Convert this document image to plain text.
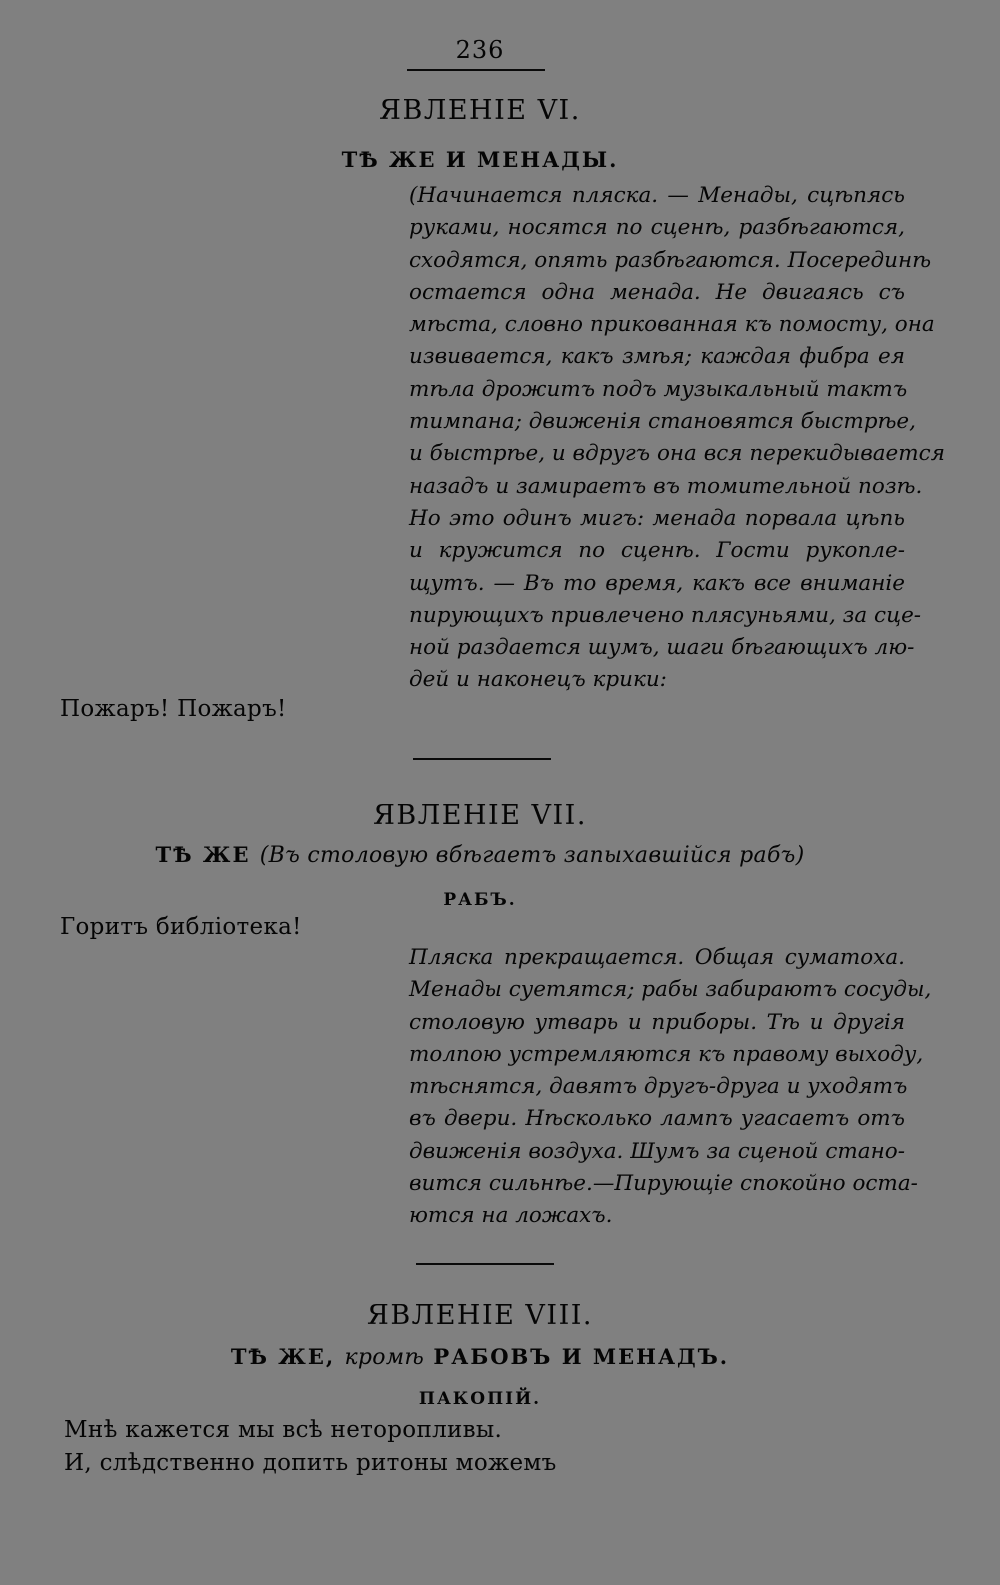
236
ЯВЛЕНIЕ VI.
ТѢ ЖЕ И МЕНАДЫ.
(Начинается пляска. — Менады, сцѣпясь
руками, носятся по сценѣ, разбѣгаются,
сходятся, опять разбѣгаются. Посерединѣ
остается одна менада. Не двигаясь съ
мѣста, словно прикованная къ помосту, она
извивается, какъ змѣя; каждая фибра ея
тѣла дрожитъ подъ музыкальный тактъ
тимпана; движенiя становятся быстрѣе,
и быстрѣе, и вдругъ она вся перекидывается
назадъ и замираетъ въ томительной позѣ.
Но это одинъ мигъ: менада порвала цѣпь
и кружится по сценѣ. Гости рукопле-
щутъ. — Въ то время, какъ все вниманiе
пирующихъ привлечено плясуньями, за сце-
ной раздается шумъ, шаги бѣгающихъ лю-
дей и наконецъ крики:
Пожаръ! Пожаръ!
ЯВЛЕНIЕ VII.
ТѢ ЖЕ (Въ столовую вбѣгаетъ запыхавшiйся рабъ)
РАБЪ.
Горитъ библiотека!
Пляска прекращается. Общая суматоха.
Менады суетятся; рабы забираютъ сосуды,
столовую утварь и приборы. Тѣ и другiя
толпою устремляются къ правому выходу,
тѣснятся, давятъ другъ-друга и уходятъ
въ двери. Нѣсколько лампъ угасаетъ отъ
движенiя воздуха. Шумъ за сценой стано-
вится сильнѣе.—Пирующiе спокойно оста-
ются на ложахъ.
ЯВЛЕНIЕ VIII.
ТѢ ЖЕ, кромѣ РАБОВЪ И МЕНАДЪ.
ПАКОПIЙ.
Мнѣ кажется мы всѣ неторопливы.
И, слѣдственно допить ритоны можемъ
